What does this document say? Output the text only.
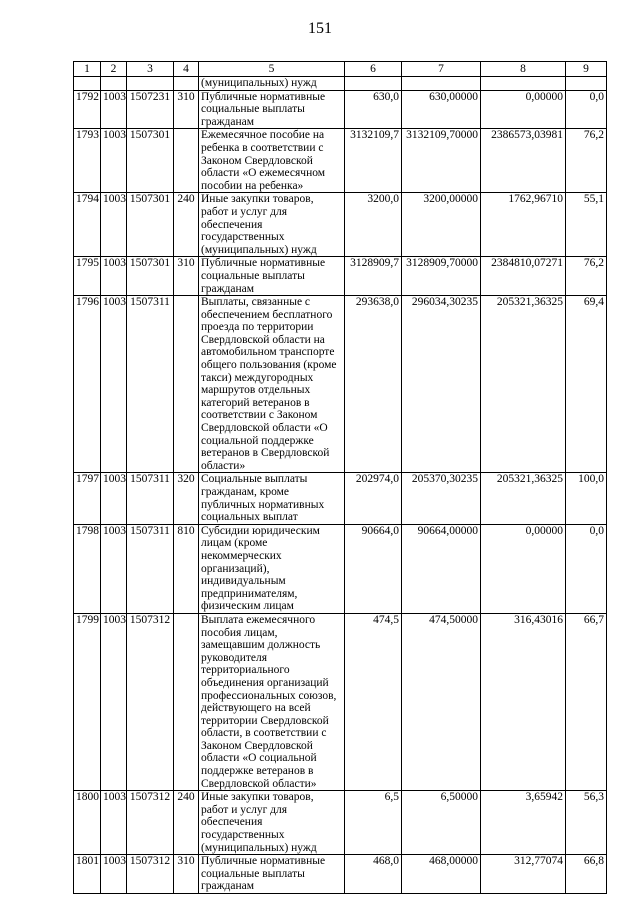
151
1	2	3	4	5	6	7	8	9
				(муниципальных) нужд				
1792	1003	1507231	310	Публичные нормативные социальные выплаты гражданам	630,0	630,00000	0,00000	0,0
1793	1003	1507301		Ежемесячное пособие на ребенка в соответствии с Законом Свердловской области «О ежемесячном пособии на ребенка»	3132109,7	3132109,70000	2386573,03981	76,2
1794	1003	1507301	240	Иные закупки товаров, работ и услуг для обеспечения государственных (муниципальных) нужд	3200,0	3200,00000	1762,96710	55,1
1795	1003	1507301	310	Публичные нормативные социальные выплаты гражданам	3128909,7	3128909,70000	2384810,07271	76,2
1796	1003	1507311		Выплаты, связанные с обеспечением бесплатного проезда по территории Свердловской области на автомобильном транспорте общего пользования (кроме такси) междугородных маршрутов отдельных категорий ветеранов в соответствии с Законом Свердловской области «О социальной поддержке ветеранов в Свердловской области»	293638,0	296034,30235	205321,36325	69,4
1797	1003	1507311	320	Социальные выплаты гражданам, кроме публичных нормативных социальных выплат	202974,0	205370,30235	205321,36325	100,0
1798	1003	1507311	810	Субсидии юридическим лицам (кроме некоммерческих организаций), индивидуальным предпринимателям, физическим лицам	90664,0	90664,00000	0,00000	0,0
1799	1003	1507312		Выплата ежемесячного пособия лицам, замещавшим должность руководителя территориального объединения организаций профессиональных союзов, действующего на всей территории Свердловской области, в соответствии с Законом Свердловской области «О социальной поддержке ветеранов в Свердловской области»	474,5	474,50000	316,43016	66,7
1800	1003	1507312	240	Иные закупки товаров, работ и услуг для обеспечения государственных (муниципальных) нужд	6,5	6,50000	3,65942	56,3
1801	1003	1507312	310	Публичные нормативные социальные выплаты гражданам	468,0	468,00000	312,77074	66,8
